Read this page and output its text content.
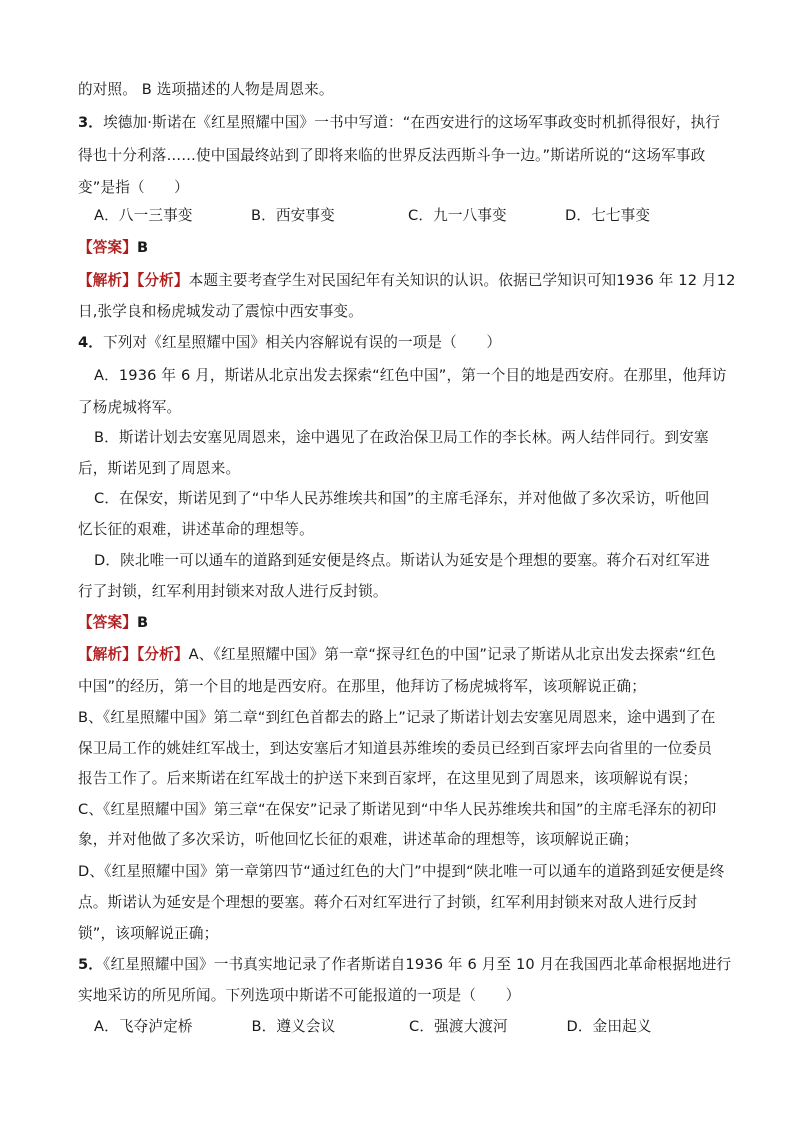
的对照。 B 选项描述的人物是周恩来。
3．埃德加·斯诺在《红星照耀中国》一书中写道：“在西安进行的这场军事政变时机抓得很好，执行
得也十分利落……使中国最终站到了即将来临的世界反法西斯斗争一边。”斯诺所说的“这场军事政
变”是指（　　）
A．八一三事变	B．西安事变	C．九一八事变	D．七七事变
【答案】B
【解析】【分析】本题主要考查学生对民国纪年有关知识的认识。依据已学知识可知1936 年 12 月12
日,张学良和杨虎城发动了震惊中西安事变。
4．下列对《红星照耀中国》相关内容解说有误的一项是（　　）
A．1936 年 6 月，斯诺从北京出发去探索“红色中国”，第一个目的地是西安府。在那里，他拜访
了杨虎城将军。
B．斯诺计划去安塞见周恩来，途中遇见了在政治保卫局工作的李长林。两人结伴同行。到安塞
后，斯诺见到了周恩来。
C．在保安，斯诺见到了“中华人民苏维埃共和国”的主席毛泽东，并对他做了多次采访，听他回
忆长征的艰难，讲述革命的理想等。
D．陕北唯一可以通车的道路到延安便是终点。斯诺认为延安是个理想的要塞。蒋介石对红军进
行了封锁，红军利用封锁来对敌人进行反封锁。
【答案】B
【解析】【分析】A、《红星照耀中国》第一章“探寻红色的中国”记录了斯诺从北京出发去探索“红色
中国”的经历，第一个目的地是西安府。在那里，他拜访了杨虎城将军，该项解说正确；
B、《红星照耀中国》第二章“到红色首都去的路上”记录了斯诺计划去安塞见周恩来，途中遇到了在
保卫局工作的姚娃红军战士，到达安塞后才知道县苏维埃的委员已经到百家坪去向省里的一位委员
报告工作了。后来斯诺在红军战士的护送下来到百家坪，在这里见到了周恩来，该项解说有误；
C、《红星照耀中国》第三章“在保安”记录了斯诺见到“中华人民苏维埃共和国”的主席毛泽东的初印
象，并对他做了多次采访，听他回忆长征的艰难，讲述革命的理想等，该项解说正确；
D、《红星照耀中国》第一章第四节“通过红色的大门”中提到“陕北唯一可以通车的道路到延安便是终
点。斯诺认为延安是个理想的要塞。蒋介石对红军进行了封锁，红军利用封锁来对敌人进行反封
锁”，该项解说正确；
5．《红星照耀中国》一书真实地记录了作者斯诺自1936 年 6 月至 10 月在我国西北革命根据地进行
实地采访的所见所闻。下列选项中斯诺不可能报道的一项是（　　）
A．飞夺泸定桥	B．遵义会议	C．强渡大渡河	D．金田起义
